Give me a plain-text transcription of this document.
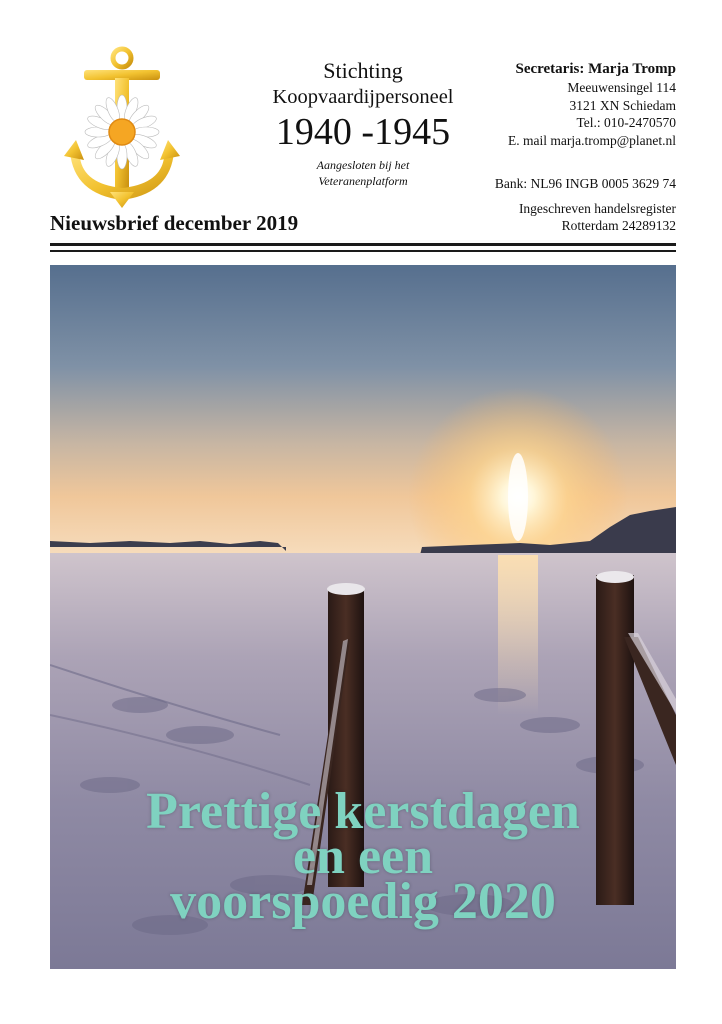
Stichting
Koopvaardijpersoneel
1940 -1945
Aangesloten bij het
Veteranenplatform
Secretaris: Marja Tromp
Meeuwensingel 114
3121 XN Schiedam
Tel.: 010-2470570
E. mail marja.tromp@planet.nl
Bank: NL96 INGB 0005 3629 74
Ingeschreven handelsregister
Rotterdam 24289132
Nieuwsbrief december 2019
Prettige kerstdagen
en een
voorspoedig 2020
